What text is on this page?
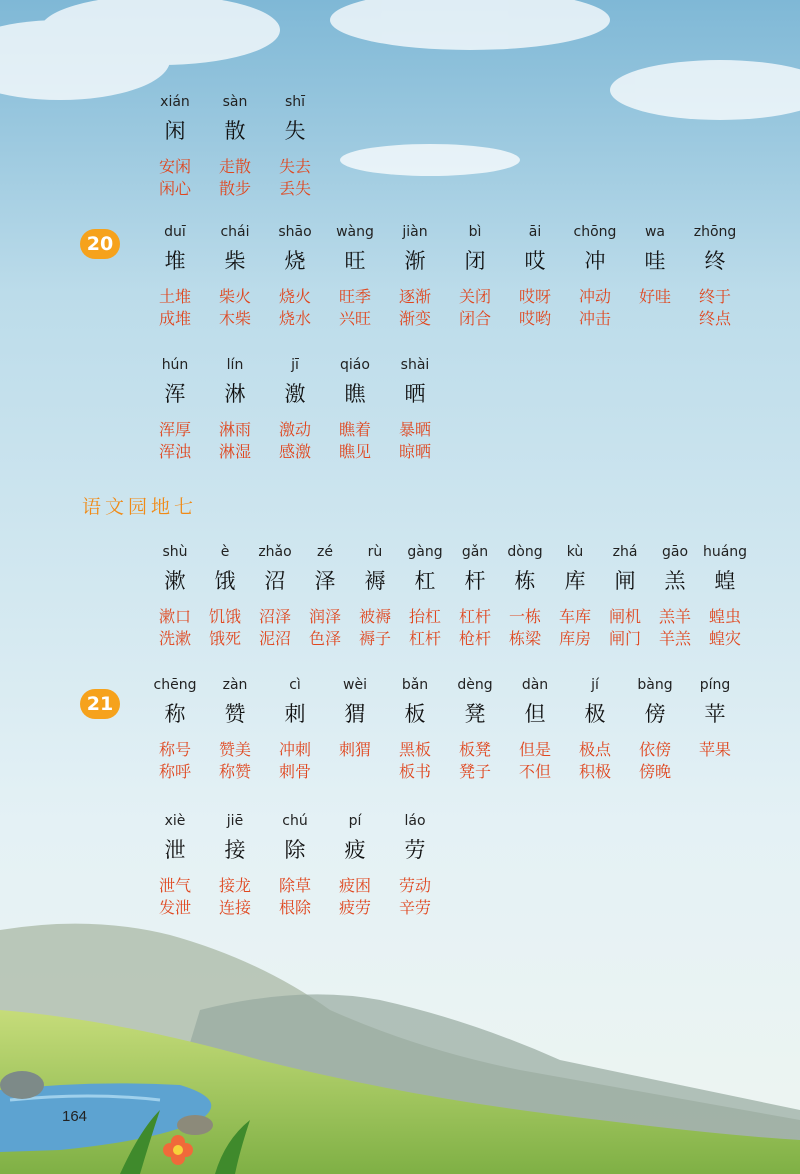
xián
闲
安闲
闲心
sàn
散
走散
散步
shī
失
失去
丢失
20
duī
堆
土堆
成堆
chái
柴
柴火
木柴
shāo
烧
烧火
烧水
wàng
旺
旺季
兴旺
jiàn
渐
逐渐
渐变
bì
闭
关闭
闭合
āi
哎
哎呀
哎哟
chōng
冲
冲动
冲击
wa
哇
好哇
zhōng
终
终于
终点
hún
浑
浑厚
浑浊
lín
淋
淋雨
淋湿
jī
激
激动
感激
qiáo
瞧
瞧着
瞧见
shài
晒
暴晒
晾晒
语文园地七
shù
漱
漱口
洗漱
è
饿
饥饿
饿死
zhǎo
沼
沼泽
泥沼
zé
泽
润泽
色泽
rù
褥
被褥
褥子
gàng
杠
抬杠
杠杆
gǎn
杆
杠杆
枪杆
dòng
栋
一栋
栋梁
kù
库
车库
库房
zhá
闸
闸机
闸门
gāo
羔
羔羊
羊羔
huáng
蝗
蝗虫
蝗灾
21
chēng
称
称号
称呼
zàn
赞
赞美
称赞
cì
刺
冲刺
刺骨
wèi
猬
刺猬
bǎn
板
黑板
板书
dèng
凳
板凳
凳子
dàn
但
但是
不但
jí
极
极点
积极
bàng
傍
依傍
傍晚
píng
苹
苹果
xiè
泄
泄气
发泄
jiē
接
接龙
连接
chú
除
除草
根除
pí
疲
疲困
疲劳
láo
劳
劳动
辛劳
164
